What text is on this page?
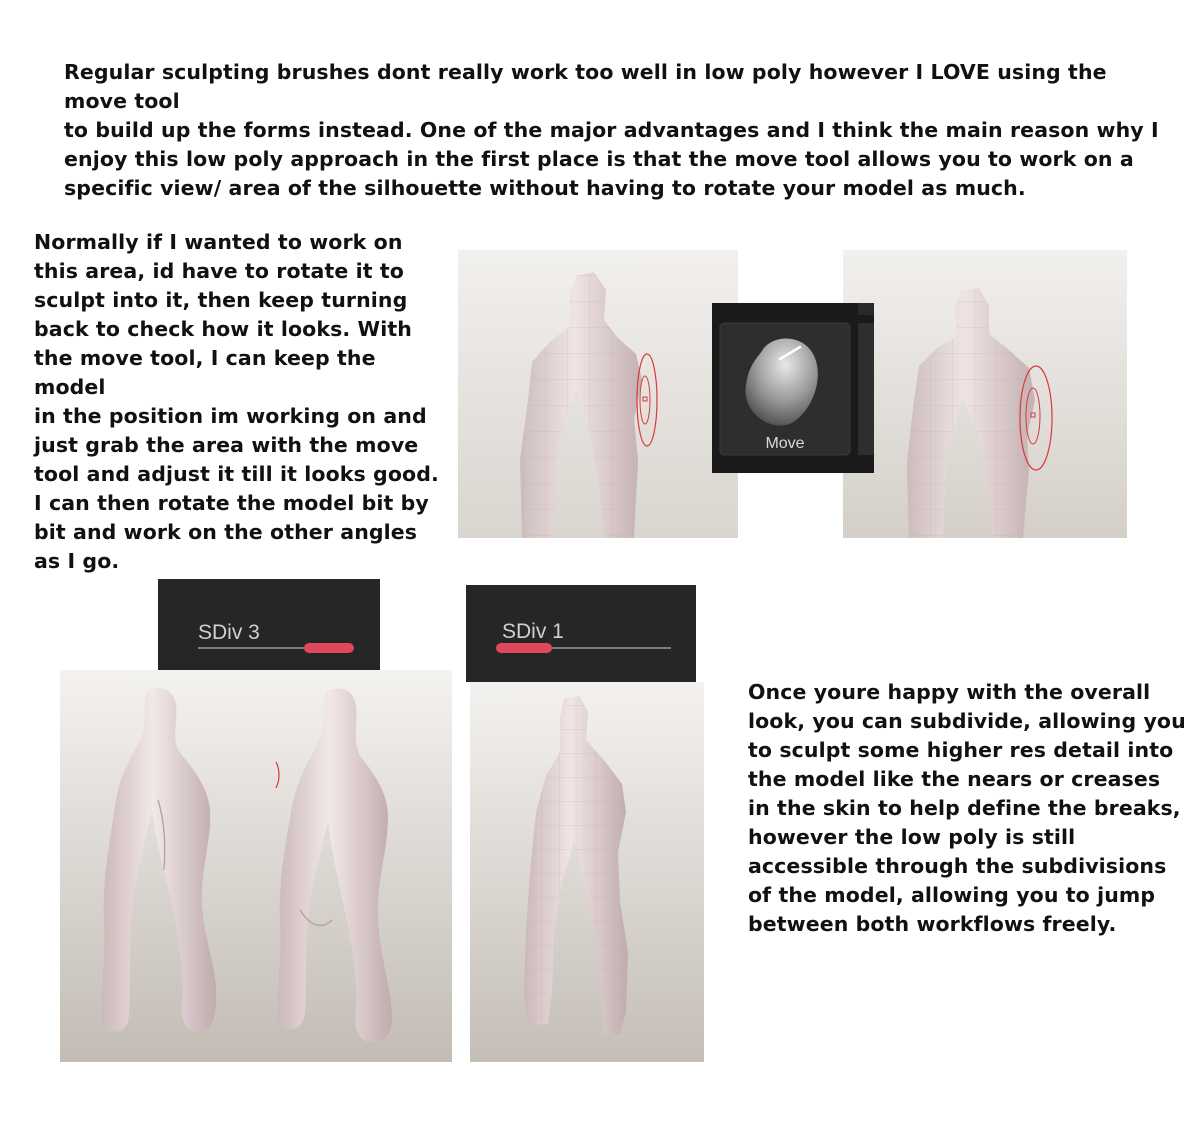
Regular sculpting brushes dont really work too well in low poly however I LOVE using the move tool
to build up the forms instead. One of the major advantages and I think the main reason why I
enjoy this low poly approach in the first place is that the move tool allows you to work on a
specific view/ area of the silhouette without having to rotate your model as much.

Normally if I wanted to work on
this area, id have to rotate it to
sculpt into it, then keep turning
back to check how it looks. With
the move tool, I can keep the model
in the position im working on and
just grab the area with the move
tool and adjust it till it looks good.
I can then rotate the model bit by
bit and work on the other angles
as I go.

Once youre happy with the overall
look, you can subdivide, allowing you
to sculpt some higher res detail into
the model like the nears or creases
in the skin to help define the breaks,
however the low poly is still
accessible through the subdivisions
of the model, allowing you to jump
between both workflows freely.

Move
SDiv 3	SDiv 1
